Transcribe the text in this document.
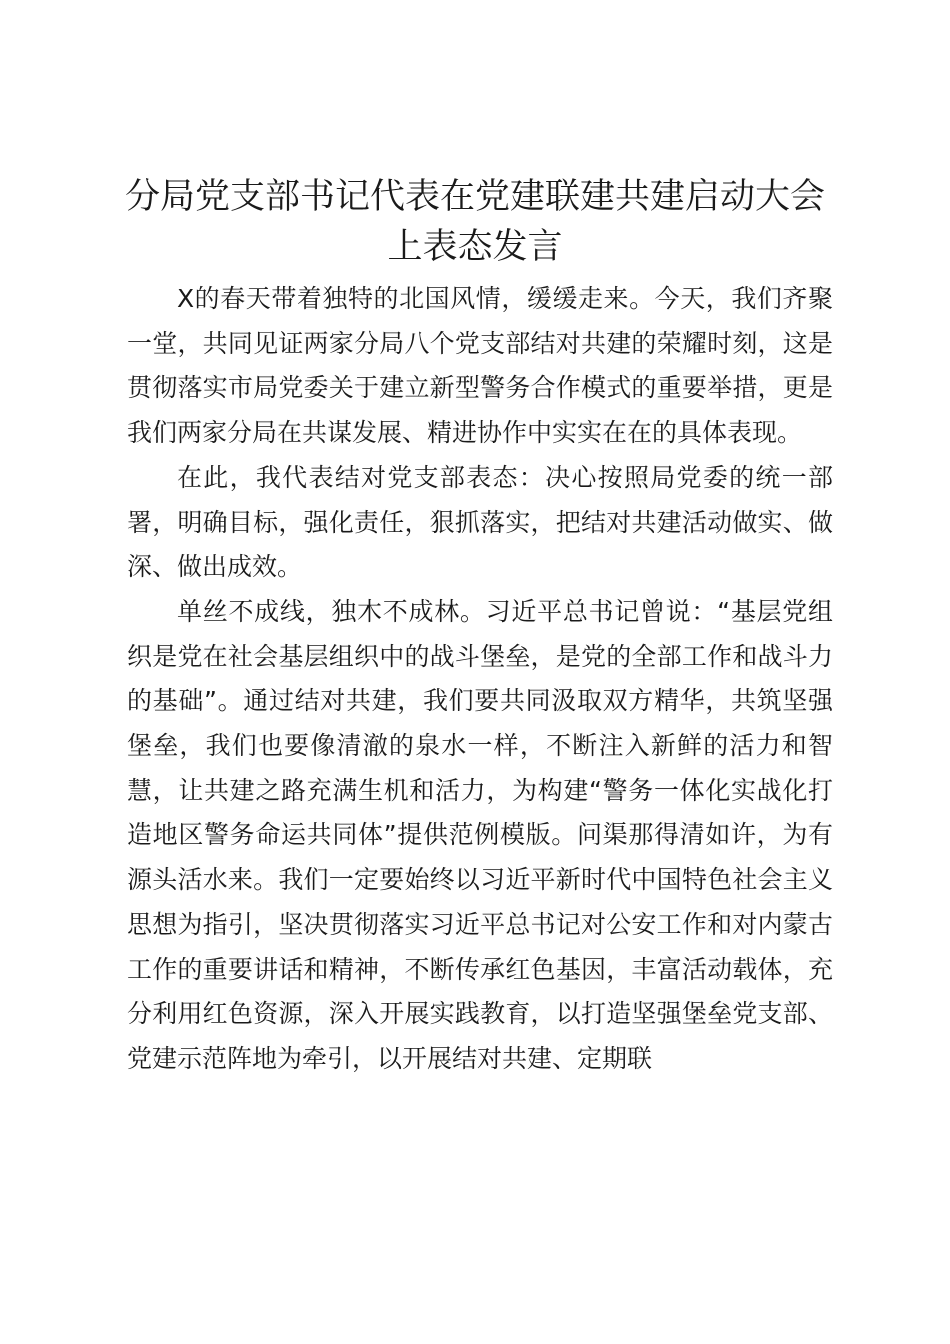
分局党支部书记代表在党建联建共建启动大会上表态发言

X的春天带着独特的北国风情，缓缓走来。今天，我们齐聚一堂，共同见证两家分局八个党支部结对共建的荣耀时刻，这是贯彻落实市局党委关于建立新型警务合作模式的重要举措，更是我们两家分局在共谋发展、精进协作中实实在在的具体表现。

在此，我代表结对党支部表态：决心按照局党委的统一部署，明确目标，强化责任，狠抓落实，把结对共建活动做实、做深、做出成效。

单丝不成线，独木不成林。习近平总书记曾说：“基层党组织是党在社会基层组织中的战斗堡垒，是党的全部工作和战斗力的基础”。通过结对共建，我们要共同汲取双方精华，共筑坚强堡垒，我们也要像清澈的泉水一样，不断注入新鲜的活力和智慧，让共建之路充满生机和活力，为构建“警务一体化实战化打造地区警务命运共同体”提供范例模版。问渠那得清如许，为有源头活水来。我们一定要始终以习近平新时代中国特色社会主义思想为指引，坚决贯彻落实习近平总书记对公安工作和对内蒙古工作的重要讲话和精神，不断传承红色基因，丰富活动载体，充分利用红色资源，深入开展实践教育，以打造坚强堡垒党支部、党建示范阵地为牵引，以开展结对共建、定期联
